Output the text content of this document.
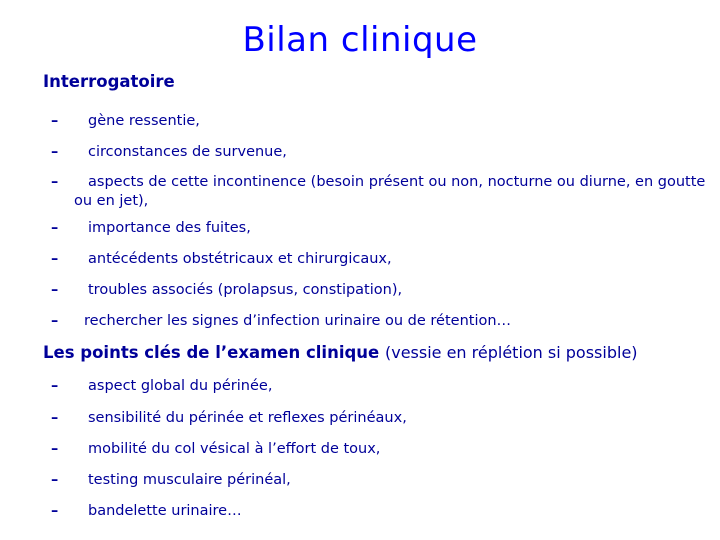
Bilan clinique
Interrogatoire
– gène ressentie,
– circonstances de survenue,
– aspects de cette incontinence (besoin présent ou non, nocturne ou diurne, en goutte
ou en jet),
– importance des fuites,
– antécédents obstétricaux et chirurgicaux,
– troubles associés (prolapsus, constipation),
– rechercher les signes d’infection urinaire ou de rétention…
Les points clés de l’examen clinique (vessie en réplétion si possible)
– aspect global du périnée,
– sensibilité du périnée et reflexes périnéaux,
– mobilité du col vésical à l’effort de toux,
– testing musculaire périnéal,
– bandelette urinaire…
